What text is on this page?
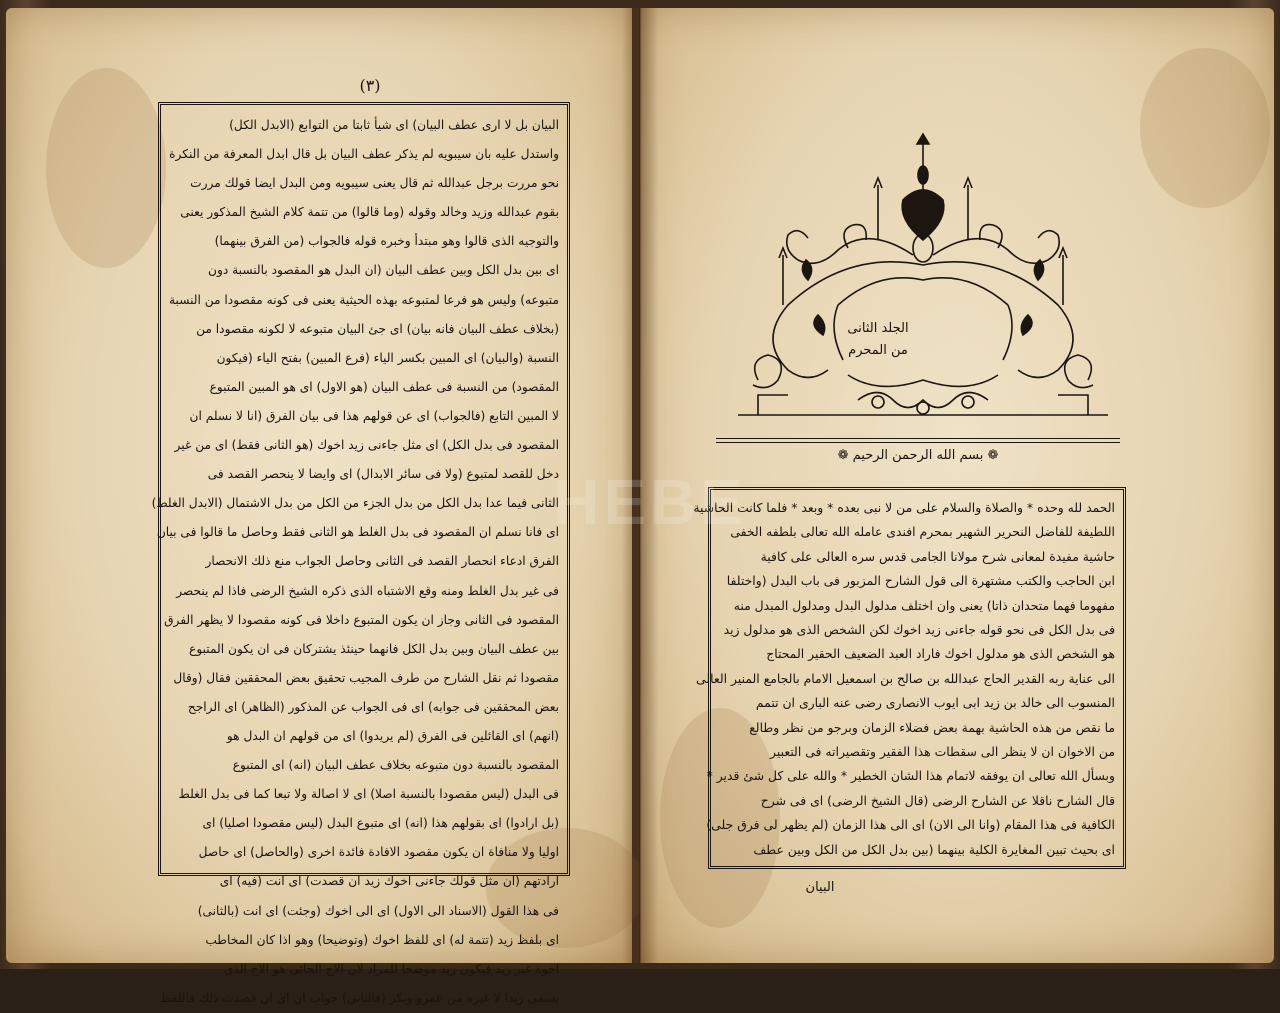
(٣)
البيان بل لا ارى عطف البيان) اى شيأ ثابتا من التوابع (الابدل الكل)
واستدل عليه بان سيبويه لم يذكر عطف البيان بل قال ابدل المعرفة من النكرة
نحو مررت برجل عبدالله ثم قال يعنى سيبويه ومن البدل ايضا قولك مررت
بقوم عبدالله وزيد وخالد وقوله (وما قالوا) من تتمة كلام الشيخ المذكور يعنى
والتوجيه الذى قالوا وهو مبتدأ وخبره قوله فالجواب (من الفرق بينهما)
اى بين بدل الكل وبين عطف البيان (ان البدل هو المقصود بالنسبة دون
متبوعه) وليس هو فرعا لمتبوعه بهذه الحيثية يعنى فى كونه مقصودا من النسبة
(بخلاف عطف البيان فانه بيان) اى جئ البيان متبوعه لا لكونه مقصودا من
النسبة (والبيان) اى المبين بكسر الياء (فرع المبين) بفتح الياء (فيكون
المقصود) من النسبة فى عطف البيان (هو الاول) اى هو المبين المتبوع
لا المبين التابع (فالجواب) اى عن قولهم هذا فى بيان الفرق (انا لا نسلم ان
المقصود فى بدل الكل) اى مثل جاءنى زيد اخوك (هو الثانى فقط) اى من غير
دخل للقصد لمتبوع (ولا فى سائر الابدال) اى وايضا لا ينحصر القصد فى
الثانى فيما عدا بدل الكل من بدل الجزء من الكل من بدل الاشتمال (الابدل الغلط)
اى فانا نسلم ان المقصود فى بدل الغلط هو الثانى فقط وحاصل ما قالوا فى بيان
الفرق ادعاء انحصار القصد فى الثانى وحاصل الجواب منع ذلك الانحصار
فى غير بدل الغلط ومنه وقع الاشتباه الذى ذكره الشيخ الرضى فاذا لم ينحصر
المقصود فى الثانى وجاز ان يكون المتبوع داخلا فى كونه مقصودا لا يظهر الفرق
بين عطف البيان وبين بدل الكل فانهما حينئذ يشتركان فى ان يكون المتبوع
مقصودا ثم نقل الشارح من طرف المجيب تحقيق بعض المحققين فقال (وقال
بعض المحققين فى جوابه) اى فى الجواب عن المذكور (الظاهر) اى الراجح
(انهم) اى القائلين فى الفرق (لم يريدوا) اى من قولهم ان البدل هو
المقصود بالنسبة دون متبوعه بخلاف عطف البيان (انه) اى المتبوع
فى البدل (ليس مقصودا بالنسبة اصلا) اى لا اصالة ولا تبعا كما فى بدل الغلط
(بل ارادوا) اى بقولهم هذا (انه) اى متبوع البدل (ليس مقصودا اصليا) اى
اوليا ولا منافاة ان يكون مقصود الافادة فائدة اخرى (والحاصل) اى حاصل
ارادتهم (ان مثل قولك جاءنى اخوك زيد ان قصدت) اى انت (فيه) اى
فى هذا القول (الاسناد الى الاول) اى الى اخوك (وجئت) اى انت (بالثانى)
اى بلفظ زيد (تتمة له) اى للفظ اخوك (وتوضيحا) وهو اذا كان المخاطب
اخوة غير زيد فيكون زيد موضحا للمراد لان الاخ الجائى هو الاخ الذى
يسمى زيدا لا غيره من عمرو وبكر (فالثانى) جواب ان اى ان قصدت ذلك فاللفظ
الجلد الثانى
من المحرم
❁ بسم الله الرحمن الرحيم ❁
الحمد لله وحده * والصلاة والسلام على من لا نبى بعده * وبعد * فلما كانت الحاشية
اللطيفة للفاضل النحرير الشهير بمحرم افندى عامله الله تعالى بلطفه الخفى
حاشية مفيدة لمعانى شرح مولانا الجامى قدس سره العالى على كافية
ابن الحاجب والكتب مشتهرة الى قول الشارح المزبور فى باب البدل (واختلفا
مفهوما فهما متحدان ذاتا) يعنى وان اختلف مدلول البدل ومدلول المبدل منه
فى بدل الكل فى نحو قوله جاءنى زيد اخوك لكن الشخص الذى هو مدلول زيد
هو الشخص الذى هو مدلول اخوك فاراد العبد الضعيف الحقير المحتاج
الى عناية ربه القدير الحاج عبدالله بن صالح بن اسمعيل الامام بالجامع المنير العالى
المنسوب الى خالد بن زيد ابى ايوب الانصارى رضى عنه البارى ان تتمم
ما نقص من هذه الحاشية بهمة بعض فضلاء الزمان وبرجو من نظر وطالع
من الاخوان ان لا ينظر الى سقطات هذا الفقير وتقصيراته فى التعبير
وبسأل الله تعالى ان يوفقه لاتمام هذا الشان الخطير * والله على كل شئ قدير *
قال الشارح ناقلا عن الشارح الرضى (قال الشيخ الرضى) اى فى شرح
الكافية فى هذا المقام (وانا الى الان) اى الى هذا الزمان (لم يظهر لى فرق جلى)
اى بحيث تبين المغايرة الكلية بينهما (بين بدل الكل من الكل وبين عطف
البيان
